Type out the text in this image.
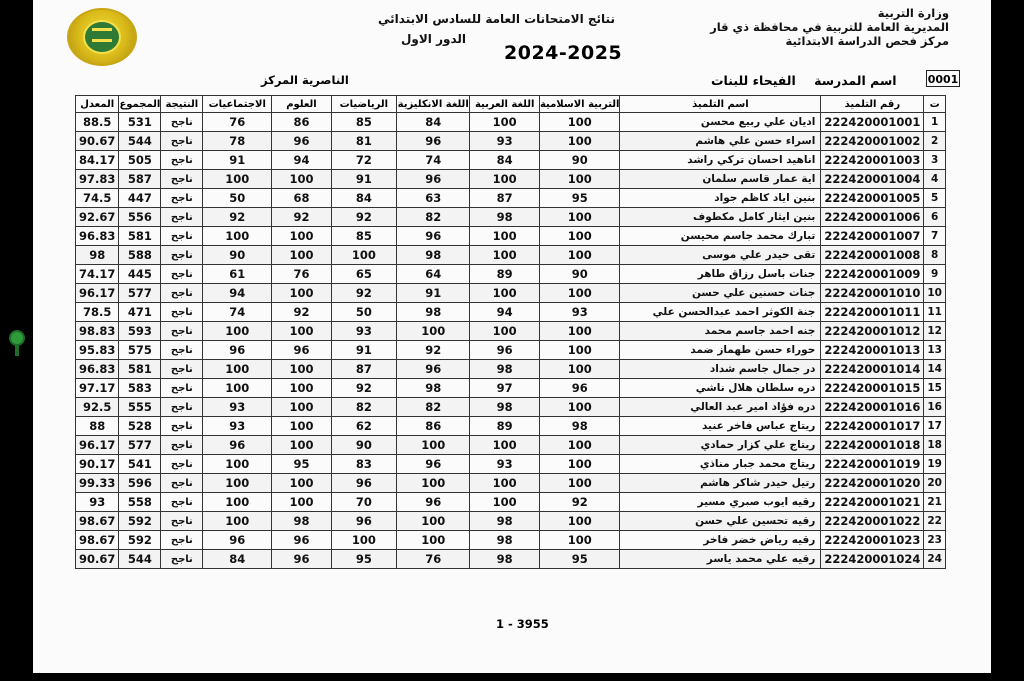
وزارة التربية
المديرية العامة للتربية في محافظة ذي قار
مركز فحص الدراسة الابتدائية
نتائج الامتحانات العامة للسادس الابتدائي
الدور الاول
2024-2025
0001
اسم المدرسة الفيحاء للبنات
الناصرية المركز
ت	رقم التلميذ	اسم التلميذ	التربية الاسلامية	اللغة العربية	اللغة الانكليزية	الرياضيات	العلوم	الاجتماعيات	النتيجة	المجموع	المعدل
1	222420001001	اديان علي ربيع محسن	100	100	84	85	86	76	ناجح	531	88.5
2	222420001002	اسراء حسن علي هاشم	100	93	96	81	96	78	ناجح	544	90.67
3	222420001003	اناهيد احسان تركي راشد	90	84	74	72	94	91	ناجح	505	84.17
4	222420001004	اية عمار قاسم سلمان	100	100	96	91	100	100	ناجح	587	97.83
5	222420001005	بنين اياد كاظم جواد	95	87	63	84	68	50	ناجح	447	74.5
6	222420001006	بنين ايثار كامل مكطوف	100	98	82	92	92	92	ناجح	556	92.67
7	222420001007	تبارك محمد جاسم محيسن	100	100	96	85	100	100	ناجح	581	96.83
8	222420001008	تقى حيدر علي موسى	100	100	98	100	100	90	ناجح	588	98
9	222420001009	جنات باسل رزاق طاهر	90	89	64	65	76	61	ناجح	445	74.17
10	222420001010	جنات حسنين علي حسن	100	100	91	92	100	94	ناجح	577	96.17
11	222420001011	جنة الكوثر احمد عبدالحسن علي	93	94	98	50	92	74	ناجح	471	78.5
12	222420001012	جنه احمد جاسم محمد	100	100	100	93	100	100	ناجح	593	98.83
13	222420001013	حوراء حسن طهماز ضمد	100	96	92	91	96	96	ناجح	575	95.83
14	222420001014	در جمال جاسم شداد	100	98	96	87	100	100	ناجح	581	96.83
15	222420001015	دره سلطان هلال ناشي	96	97	98	92	100	100	ناجح	583	97.17
16	222420001016	دره فؤاد امير عبد العالي	100	98	82	82	100	93	ناجح	555	92.5
17	222420001017	ريتاج عباس فاخر عنيد	98	89	86	62	100	93	ناجح	528	88
18	222420001018	ريتاج علي كزار حمادي	100	100	100	90	100	96	ناجح	577	96.17
19	222420001019	ريتاج محمد جبار مناذي	100	93	96	83	95	100	ناجح	541	90.17
20	222420001020	رتيل حيدر شاكر هاشم	100	100	100	96	100	100	ناجح	596	99.33
21	222420001021	رقيه ايوب صبري مسير	92	100	96	70	100	100	ناجح	558	93
22	222420001022	رقيه تحسين علي حسن	100	98	100	96	98	100	ناجح	592	98.67
23	222420001023	رقيه رياض خضر فاخر	100	98	100	100	96	96	ناجح	592	98.67
24	222420001024	رقيه علي محمد ياسر	95	98	76	95	96	84	ناجح	544	90.67
1 - 3955
